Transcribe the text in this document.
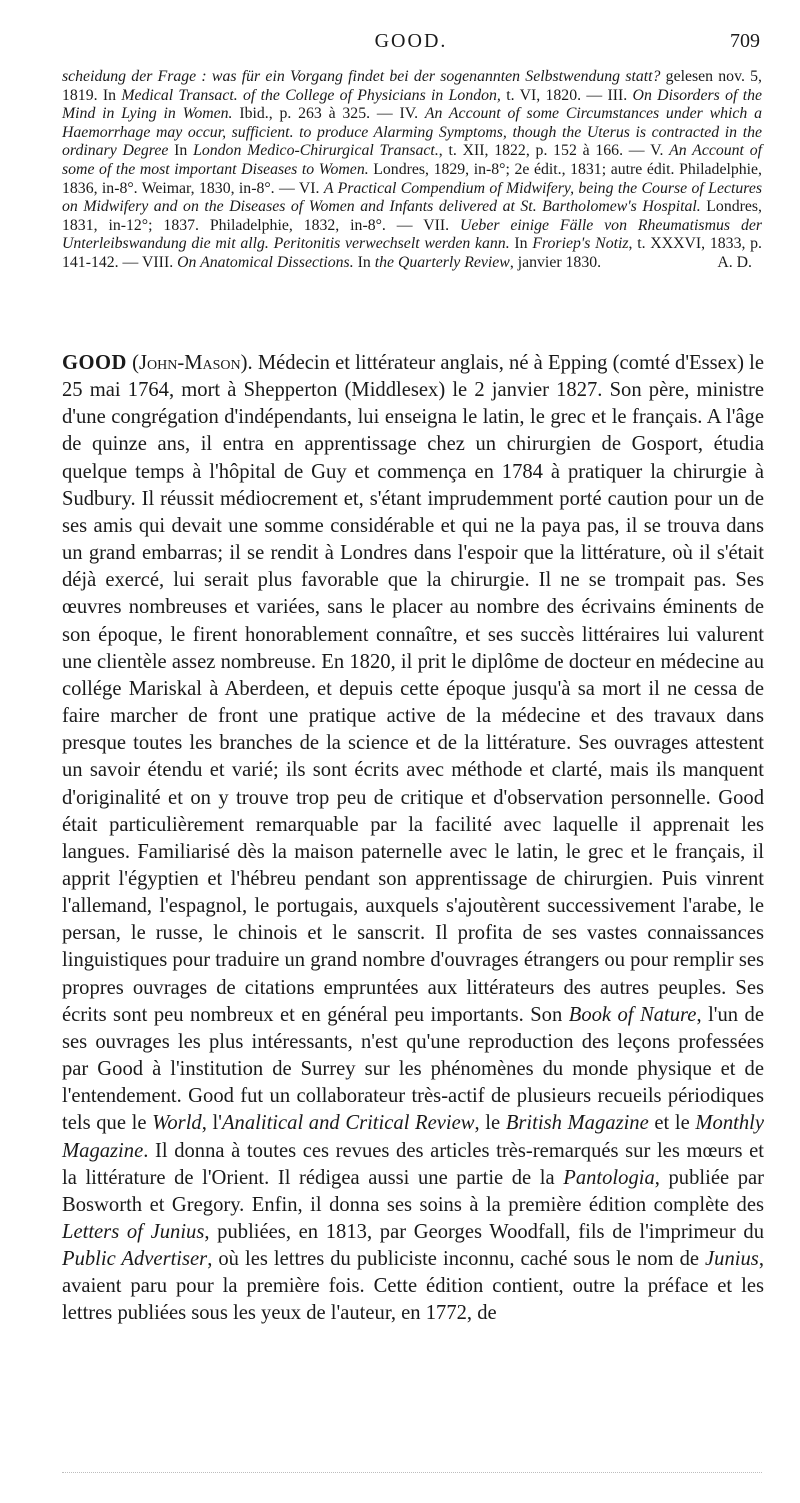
GOOD.	709

scheidung der Frage : was für ein Vorgang findet bei der sogenannten Selbstwendung statt? gelesen nov. 5, 1819. In Medical Transact. of the College of Physicians in London, t. VI, 1820. — III. On Disorders of the Mind in Lying in Women. Ibid., p. 263 à 325. — IV. An Account of some Circumstances under which a Haemorrhage may occur, sufficient. to produce Alarming Symptoms, though the Uterus is contracted in the ordinary Degree In London Medico-Chirurgical Transact., t. XII, 1822, p. 152 à 166. — V. An Account of some of the most important Diseases to Women. Londres, 1829, in-8°; 2e édit., 1831; autre édit. Philadelphie, 1836, in-8°. Weimar, 1830, in-8°. — VI. A Practical Compendium of Midwifery, being the Course of Lectures on Midwifery and on the Diseases of Women and Infants delivered at St. Bartholomew's Hospital. Londres, 1831, in-12°; 1837. Philadelphie, 1832, in-8°. — VII. Ueber einige Fälle von Rheumatismus der Unterleibswandung die mit allg. Peritonitis verwechselt werden kann. In Froriep's Notiz, t. XXXVI, 1833, p. 141-142. — VIII. On Anatomical Dissections. In the Quarterly Review, janvier 1830.	A. D.

GOOD (John-Mason). Médecin et littérateur anglais, né à Epping (comté d'Essex) le 25 mai 1764, mort à Shepperton (Middlesex) le 2 janvier 1827. Son père, ministre d'une congrégation d'indépendants, lui enseigna le latin, le grec et le français. A l'âge de quinze ans, il entra en apprentissage chez un chirurgien de Gosport, étudia quelque temps à l'hôpital de Guy et commença en 1784 à pratiquer la chirurgie à Sudbury. Il réussit médiocrement et, s'étant imprudemment porté caution pour un de ses amis qui devait une somme considérable et qui ne la paya pas, il se trouva dans un grand embarras; il se rendit à Londres dans l'espoir que la littérature, où il s'était déjà exercé, lui serait plus favorable que la chirurgie. Il ne se trompait pas. Ses œuvres nombreuses et variées, sans le placer au nombre des écrivains éminents de son époque, le firent honorablement connaître, et ses succès littéraires lui valurent une clientèle assez nombreuse. En 1820, il prit le diplôme de docteur en médecine au collége Mariskal à Aberdeen, et depuis cette époque jusqu'à sa mort il ne cessa de faire marcher de front une pratique active de la médecine et des travaux dans presque toutes les branches de la science et de la littérature. Ses ouvrages attestent un savoir étendu et varié; ils sont écrits avec méthode et clarté, mais ils manquent d'originalité et on y trouve trop peu de critique et d'observation personnelle. Good était particulièrement remarquable par la facilité avec laquelle il apprenait les langues. Familiarisé dès la maison paternelle avec le latin, le grec et le français, il apprit l'égyptien et l'hébreu pendant son apprentissage de chirurgien. Puis vinrent l'allemand, l'espagnol, le portugais, auxquels s'ajoutèrent successivement l'arabe, le persan, le russe, le chinois et le sanscrit. Il profita de ses vastes connaissances linguistiques pour traduire un grand nombre d'ouvrages étrangers ou pour remplir ses propres ouvrages de citations empruntées aux littérateurs des autres peuples. Ses écrits sont peu nombreux et en général peu importants. Son Book of Nature, l'un de ses ouvrages les plus intéressants, n'est qu'une reproduction des leçons professées par Good à l'institution de Surrey sur les phénomènes du monde physique et de l'entendement. Good fut un collaborateur très-actif de plusieurs recueils périodiques tels que le World, l'Analitical and Critical Review, le British Magazine et le Monthly Magazine. Il donna à toutes ces revues des articles très-remarqués sur les mœurs et la littérature de l'Orient. Il rédigea aussi une partie de la Pantologia, publiée par Bosworth et Gregory. Enfin, il donna ses soins à la première édition complète des Letters of Junius, publiées, en 1813, par Georges Woodfall, fils de l'imprimeur du Public Advertiser, où les lettres du publiciste inconnu, caché sous le nom de Junius, avaient paru pour la première fois. Cette édition contient, outre la préface et les lettres publiées sous les yeux de l'auteur, en 1772, de
